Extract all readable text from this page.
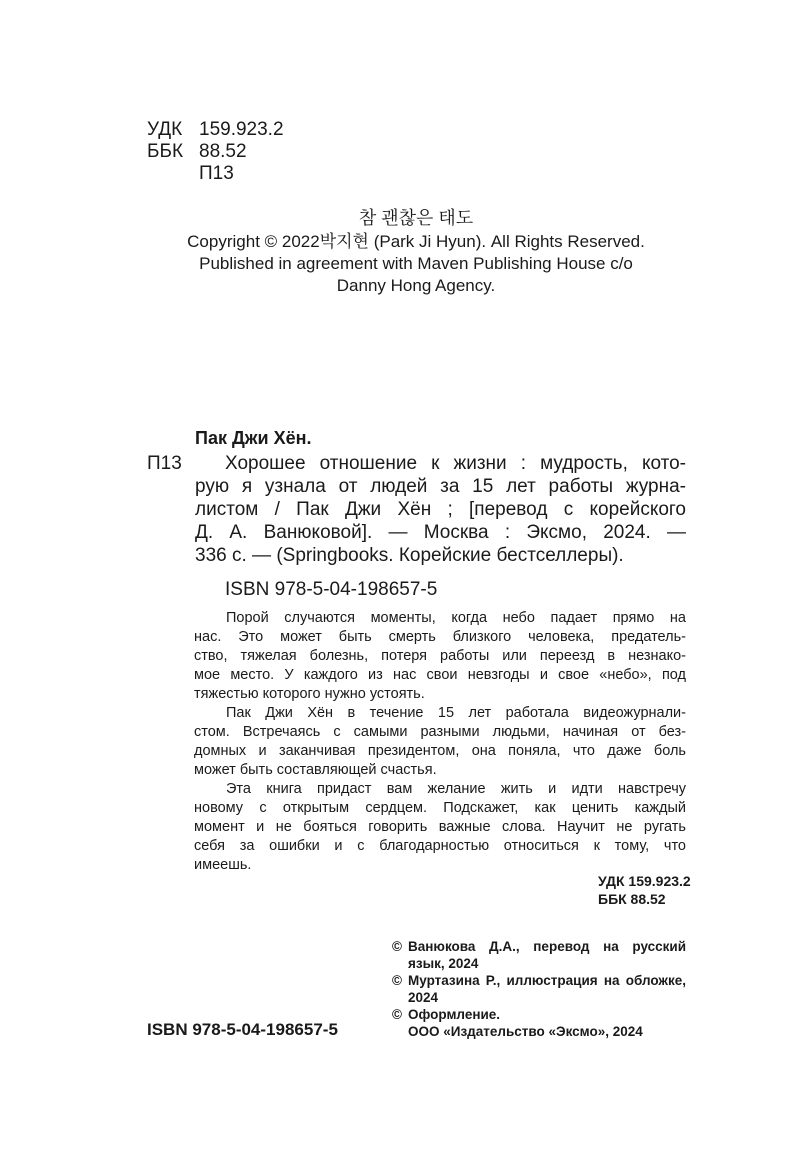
УДК 159.923.2
ББК 88.52
П13
참 괜찮은 태도
Copyright © 2022박지현 (Park Ji Hyun). All Rights Reserved.
Published in agreement with Maven Publishing House c/o
Danny Hong Agency.
Пак Джи Хён.
П13 Хорошее отношение к жизни : мудрость, кото-
рую я узнала от людей за 15 лет работы журна-
листом / Пак Джи Хён ; [перевод с корейского
Д. А. Ванюковой]. — Москва : Эксмо, 2024. —
336 с. — (Springbooks. Корейские бестселлеры).
ISBN 978-5-04-198657-5
Порой случаются моменты, когда небо падает прямо на
нас. Это может быть смерть близкого человека, предатель-
ство, тяжелая болезнь, потеря работы или переезд в незнако-
мое место. У каждого из нас свои невзгоды и свое «небо», под
тяжестью которого нужно устоять.
Пак Джи Хён в течение 15 лет работала видеожурнали-
стом. Встречаясь с самыми разными людьми, начиная от без-
домных и заканчивая президентом, она поняла, что даже боль
может быть составляющей счастья.
Эта книга придаст вам желание жить и идти навстречу
новому с открытым сердцем. Подскажет, как ценить каждый
момент и не бояться говорить важные слова. Научит не ругать
себя за ошибки и с благодарностью относиться к тому, что
имеешь.
УДК 159.923.2
ББК 88.52
© Ванюкова Д.А., перевод на русский
язык, 2024
© Муртазина Р., иллюстрация на обложке,
2024
© Оформление.
ООО «Издательство «Эксмо», 2024
ISBN 978-5-04-198657-5
